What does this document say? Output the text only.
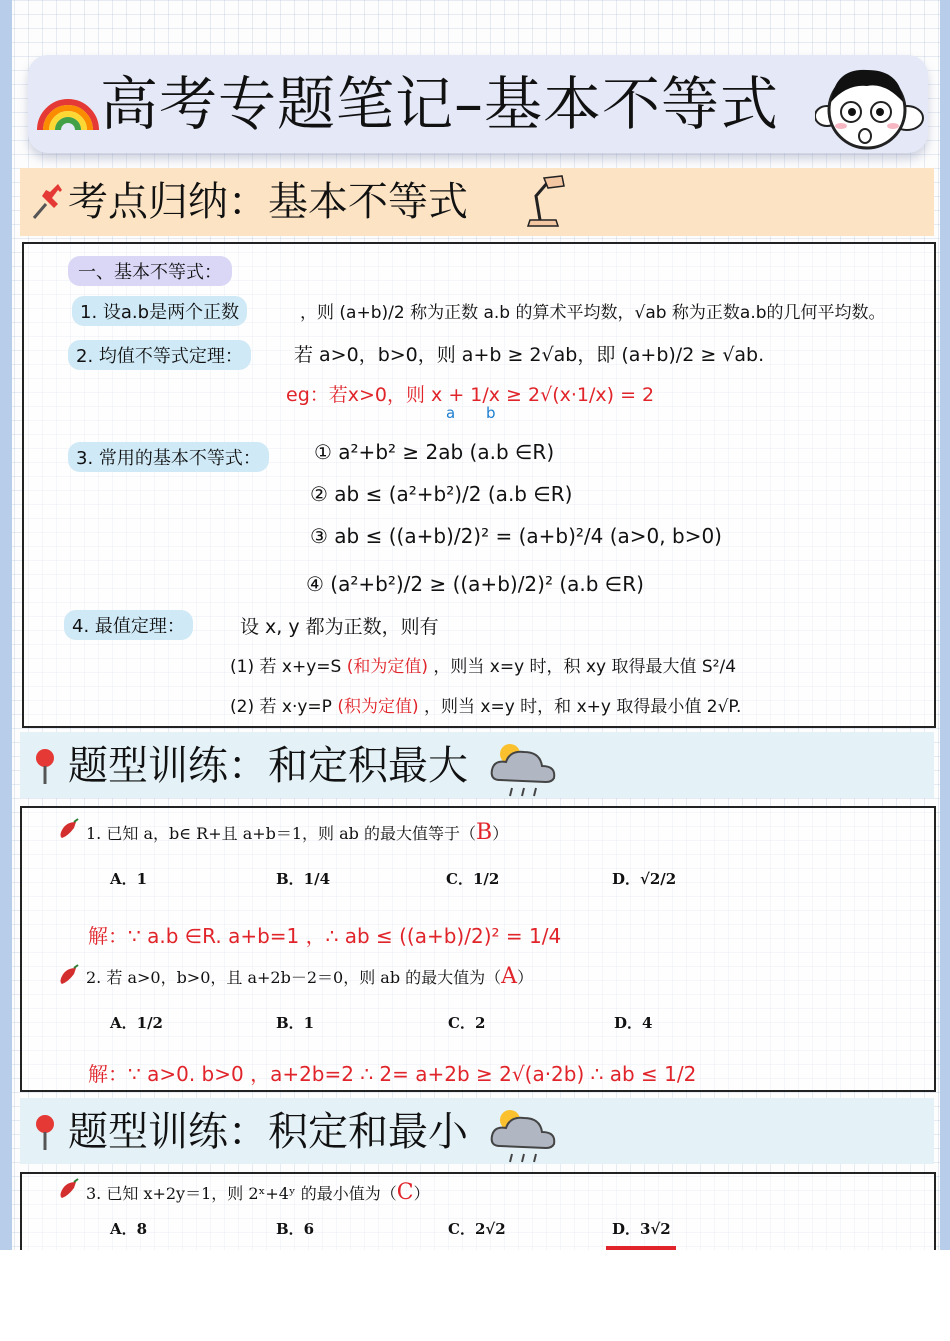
高考专题笔记–基本不等式
考点归纳：基本不等式
一、基本不等式：
1. 设a.b是两个正数	，则 (a+b)/2 称为正数 a.b 的算术平均数，√ab 称为正数a.b的几何平均数。
2. 均值不等式定理：	若 a>0，b>0，则 a+b ≥ 2√ab，即 (a+b)/2 ≥ √ab.
eg：若x>0，则 x + 1/x ≥ 2√(x·1/x) = 2
a b
3. 常用的基本不等式：	① a²+b² ≥ 2ab (a.b ∈R)
② ab ≤ (a²+b²)/2 (a.b ∈R)
③ ab ≤ ((a+b)/2)² = (a+b)²/4 (a>0, b>0)
④ (a²+b²)/2 ≥ ((a+b)/2)² (a.b ∈R)
4. 最值定理：	设 x, y 都为正数，则有
(1) 若 x+y=S (和为定值) ，则当 x=y 时，积 xy 取得最大值 S²/4
(2) 若 x·y=P (积为定值) ，则当 x=y 时，和 x+y 取得最小值 2√P.
题型训练：和定积最大
1. 已知 a，b∈ R+且 a+b＝1，则 ab 的最大值等于（B）
A．1	B．1/4	C．1/2	D．√2/2
解：∵ a.b ∈R. a+b=1 ，∴ ab ≤ ((a+b)/2)² = 1/4
2. 若 a>0，b>0，且 a+2b－2＝0，则 ab 的最大值为（A）
A．1/2	B．1	C．2	D．4
解：∵ a>0. b>0 ，a+2b=2 ∴ 2= a+2b ≥ 2√(a·2b) ∴ ab ≤ 1/2
题型训练：积定和最小
3. 已知 x+2y＝1，则 2ˣ+4ʸ 的最小值为（C）
A．8	B．6	C．2√2	D．3√2
